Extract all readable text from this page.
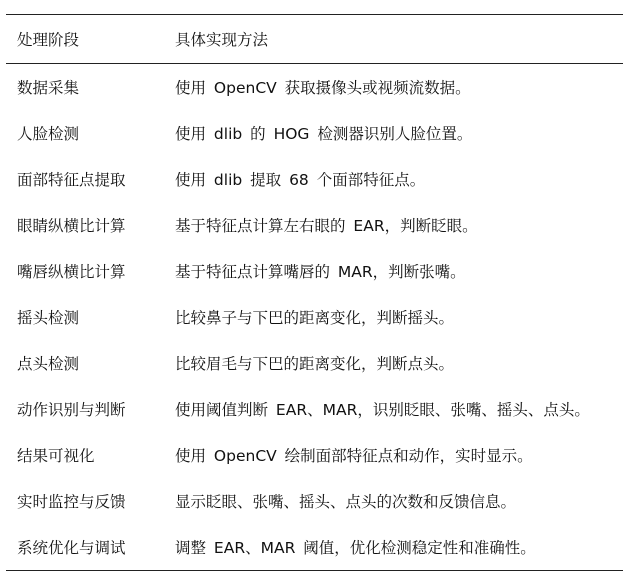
处理阶段	具体实现方法
数据采集	使用 OpenCV 获取摄像头或视频流数据。
人脸检测	使用 dlib 的 HOG 检测器识别人脸位置。
面部特征点提取	使用 dlib 提取 68 个面部特征点。
眼睛纵横比计算	基于特征点计算左右眼的 EAR，判断眨眼。
嘴唇纵横比计算	基于特征点计算嘴唇的 MAR，判断张嘴。
摇头检测	比较鼻子与下巴的距离变化，判断摇头。
点头检测	比较眉毛与下巴的距离变化，判断点头。
动作识别与判断	使用阈值判断 EAR、MAR，识别眨眼、张嘴、摇头、点头。
结果可视化	使用 OpenCV 绘制面部特征点和动作，实时显示。
实时监控与反馈	显示眨眼、张嘴、摇头、点头的次数和反馈信息。
系统优化与调试	调整 EAR、MAR 阈值，优化检测稳定性和准确性。
